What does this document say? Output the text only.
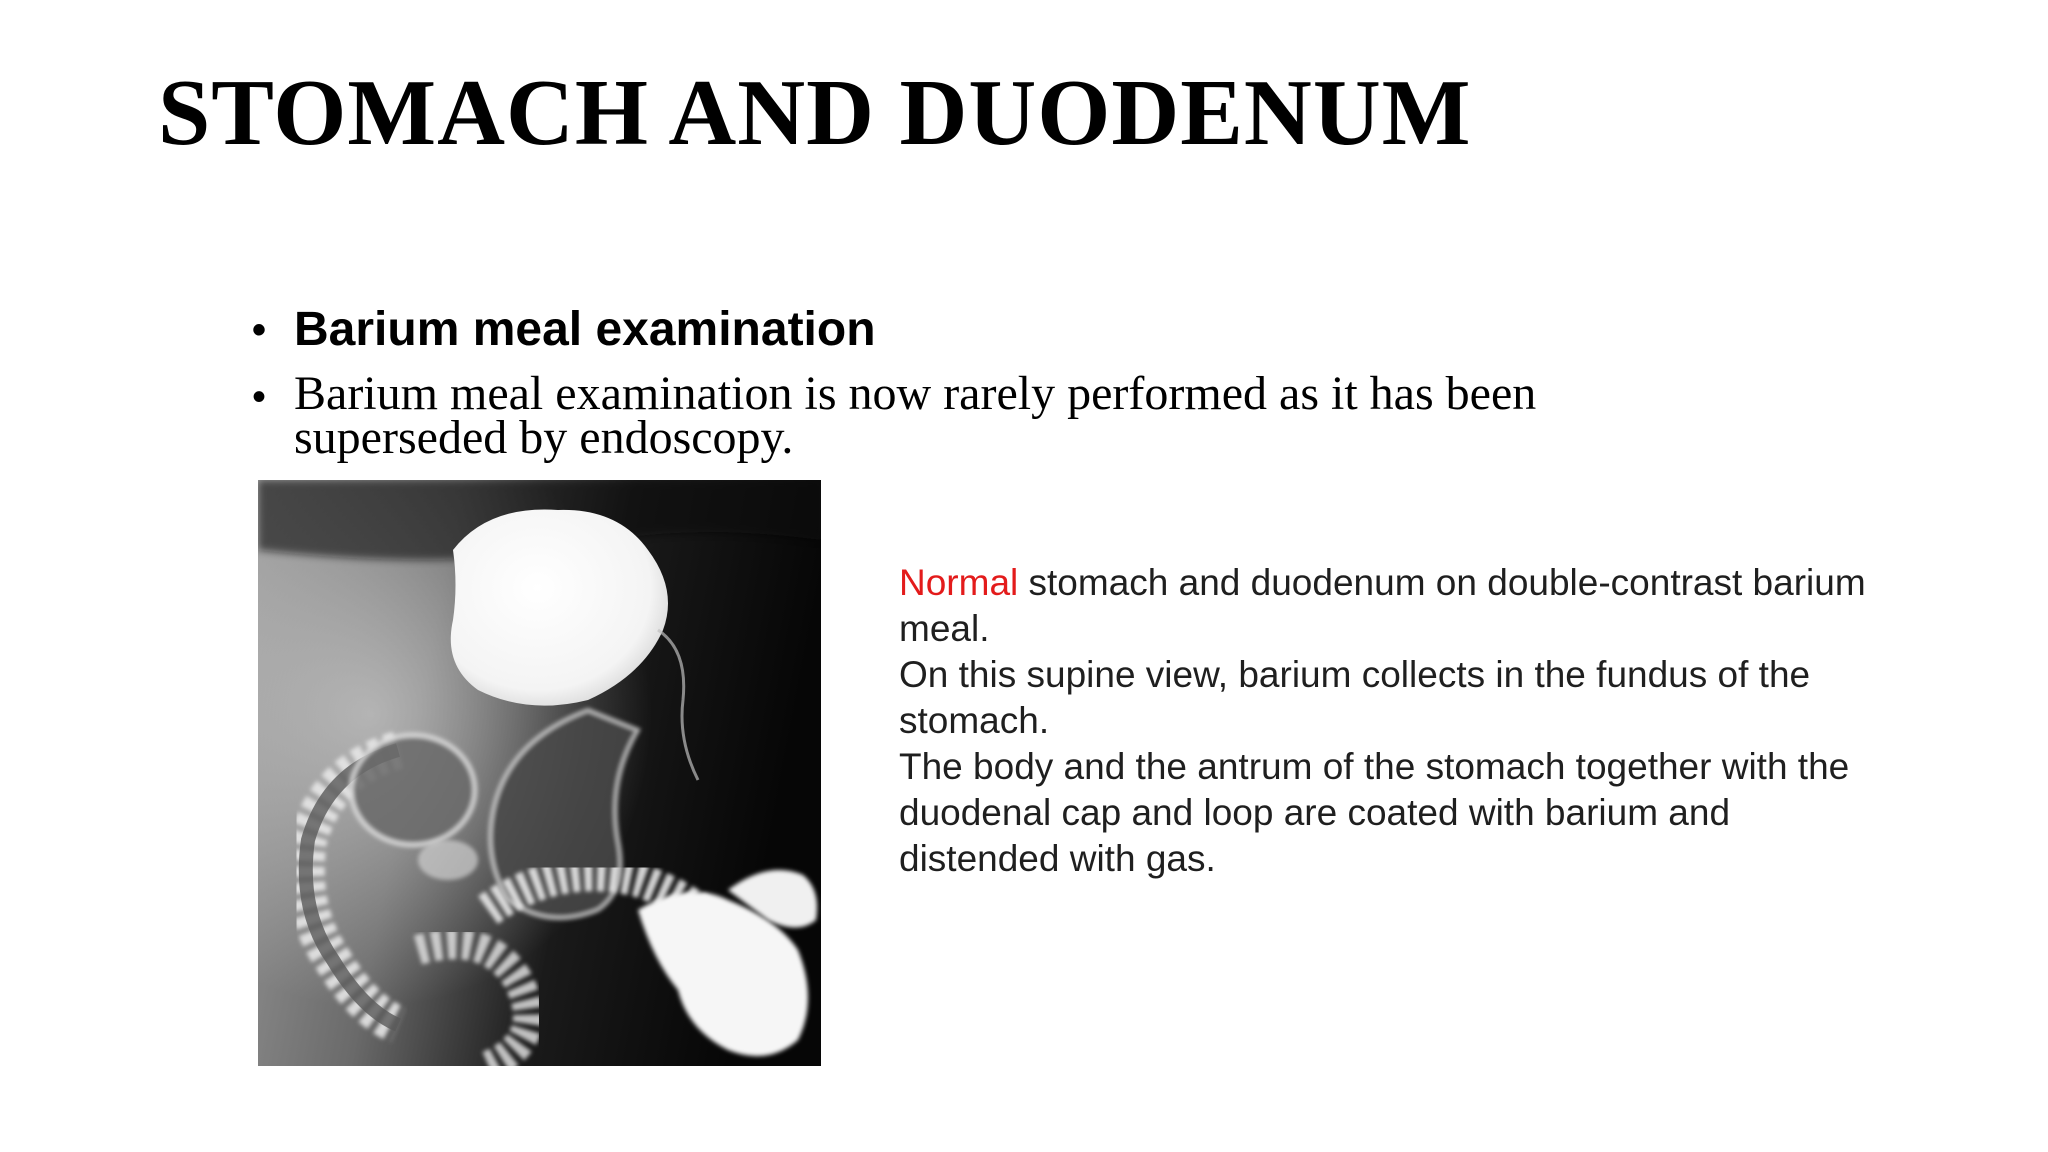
STOMACH AND DUODENUM
• Barium meal examination
• Barium meal examination is now rarely performed as it has been superseded by endoscopy.

Normal stomach and duodenum on double-contrast barium meal.

On this supine view, barium collects in the fundus of the stomach.

The body and the antrum of the stomach together with the duodenal cap and loop are coated with barium and distended with gas.
